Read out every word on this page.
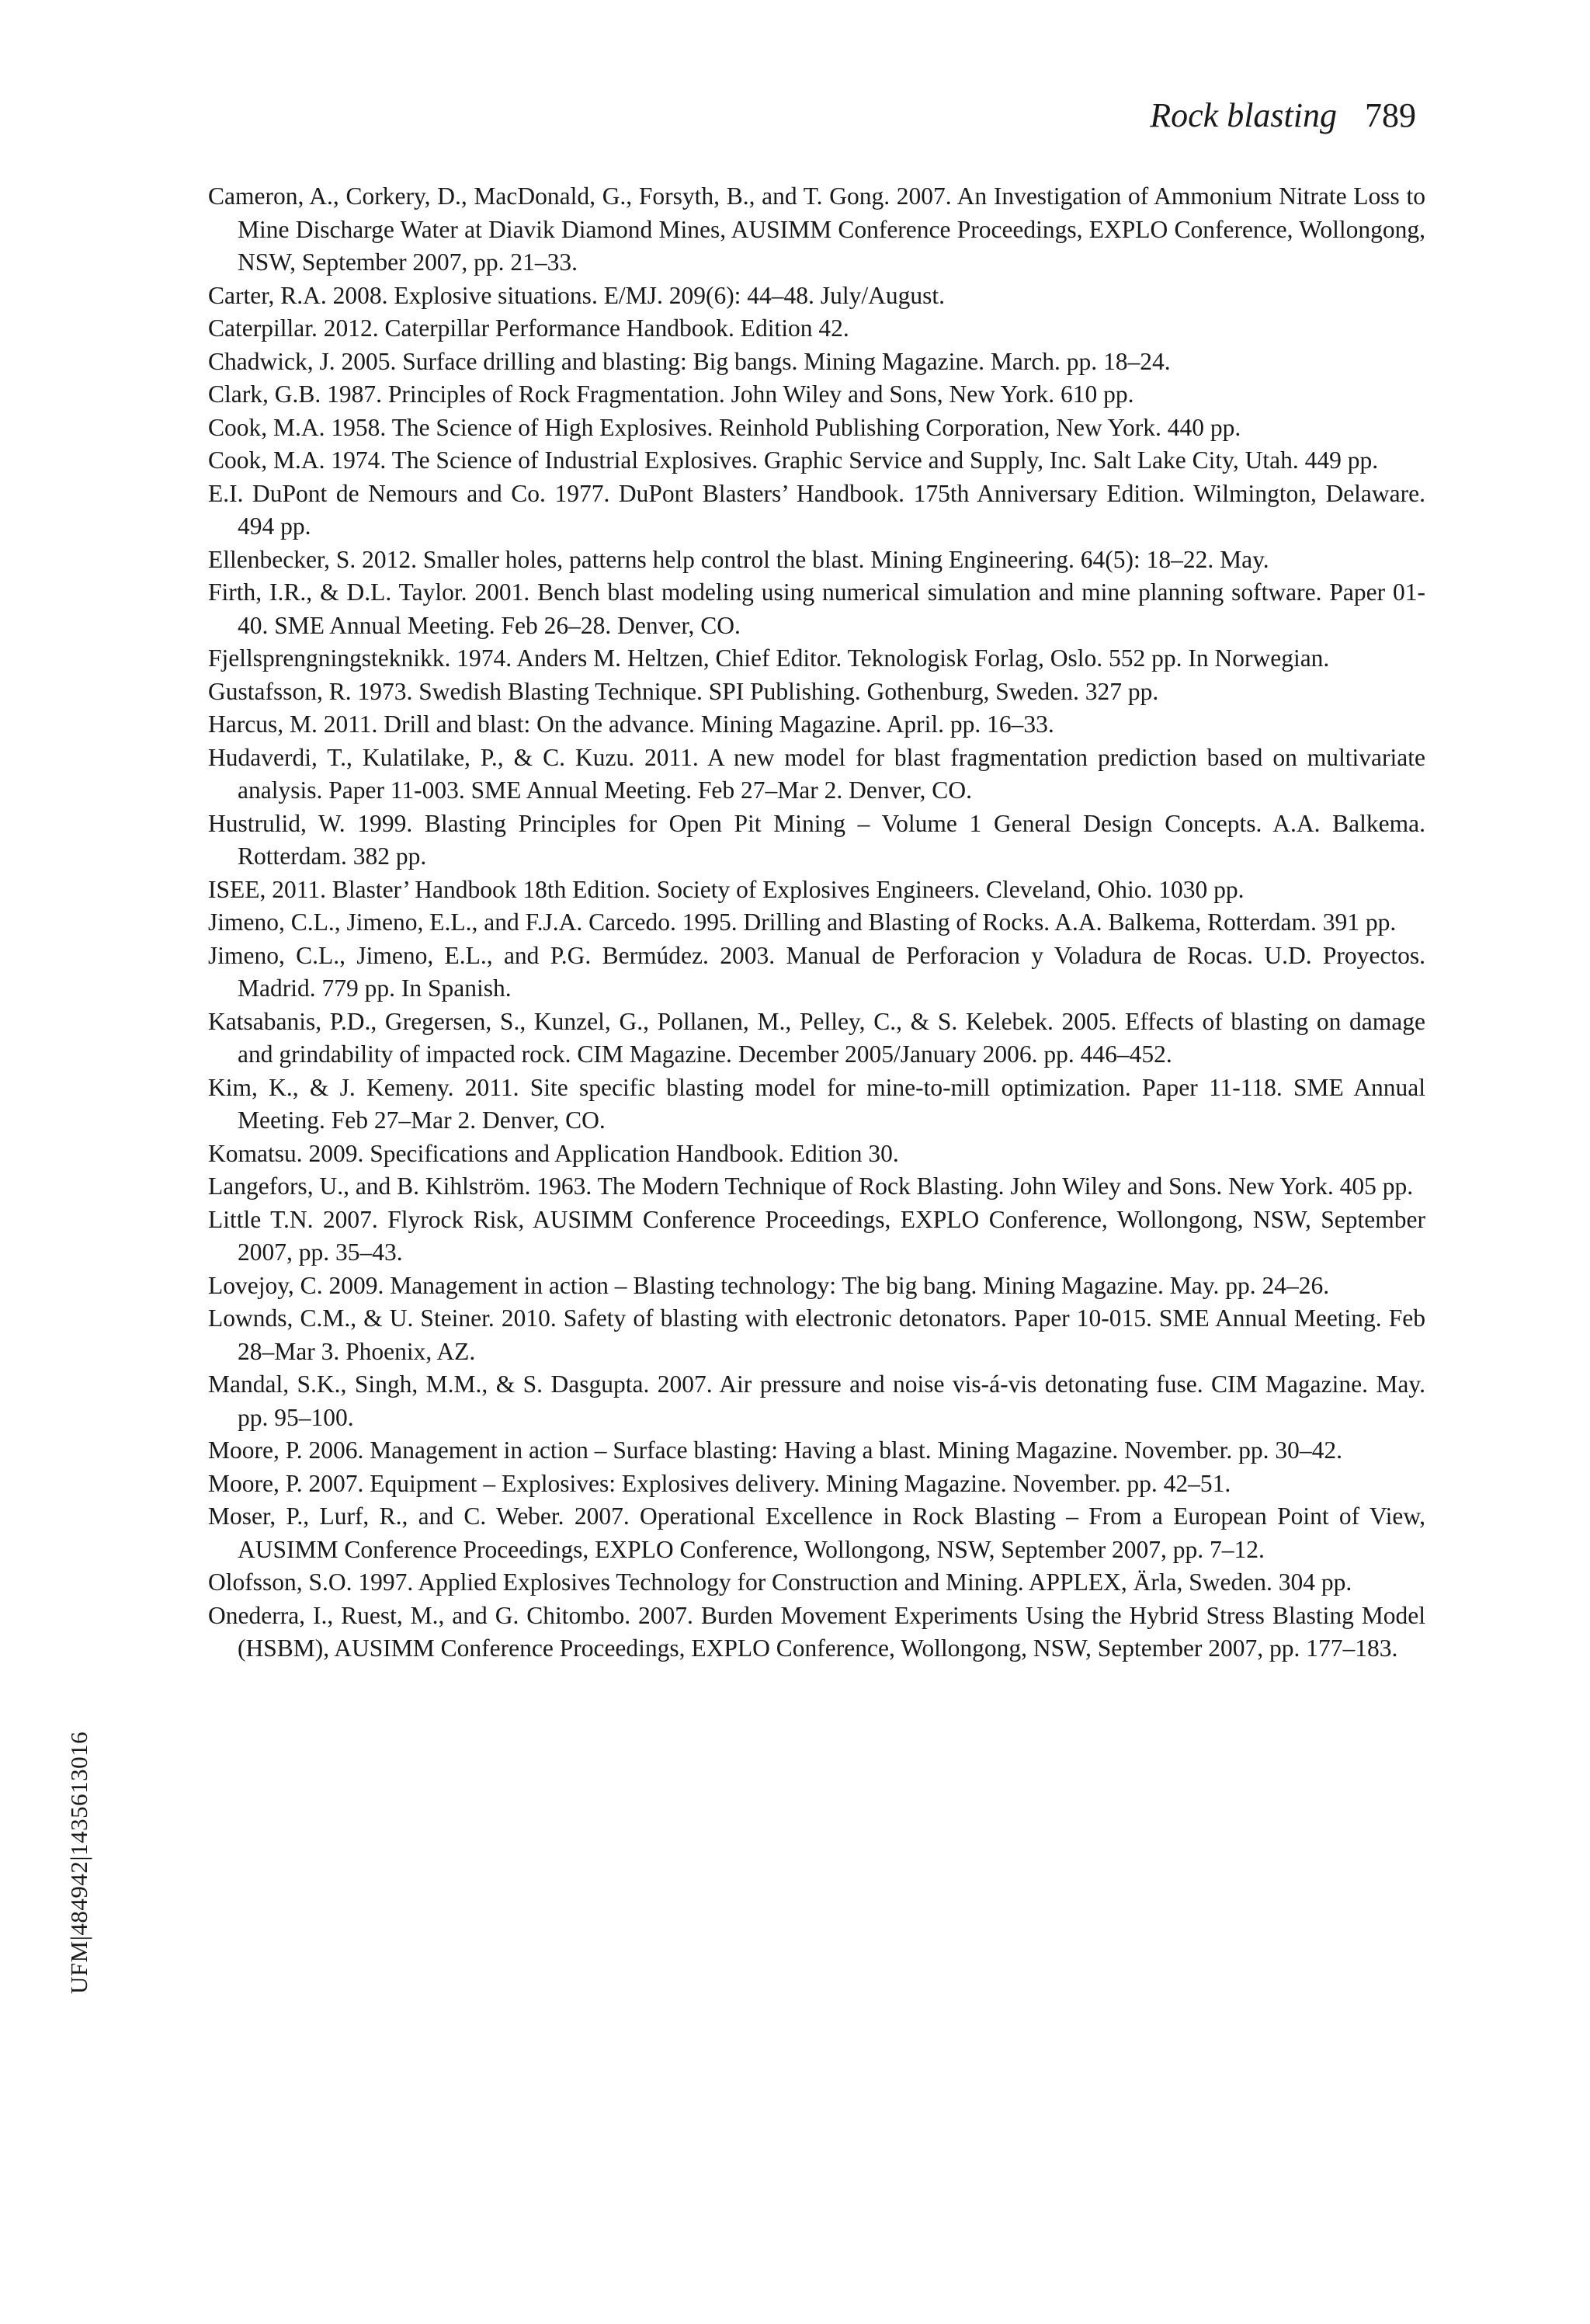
Rock blasting 789
Cameron, A., Corkery, D., MacDonald, G., Forsyth, B., and T. Gong. 2007. An Investigation of Ammonium Nitrate Loss to Mine Discharge Water at Diavik Diamond Mines, AUSIMM Conference Proceedings, EXPLO Conference, Wollongong, NSW, September 2007, pp. 21–33.
Carter, R.A. 2008. Explosive situations. E/MJ. 209(6): 44–48. July/August.
Caterpillar. 2012. Caterpillar Performance Handbook. Edition 42.
Chadwick, J. 2005. Surface drilling and blasting: Big bangs. Mining Magazine. March. pp. 18–24.
Clark, G.B. 1987. Principles of Rock Fragmentation. John Wiley and Sons, New York. 610 pp.
Cook, M.A. 1958. The Science of High Explosives. Reinhold Publishing Corporation, New York. 440 pp.
Cook, M.A. 1974. The Science of Industrial Explosives. Graphic Service and Supply, Inc. Salt Lake City, Utah. 449 pp.
E.I. DuPont de Nemours and Co. 1977. DuPont Blasters’ Handbook. 175th Anniversary Edition. Wilmington, Delaware. 494 pp.
Ellenbecker, S. 2012. Smaller holes, patterns help control the blast. Mining Engineering. 64(5): 18–22. May.
Firth, I.R., & D.L. Taylor. 2001. Bench blast modeling using numerical simulation and mine planning software. Paper 01-40. SME Annual Meeting. Feb 26–28. Denver, CO.
Fjellsprengningsteknikk. 1974. Anders M. Heltzen, Chief Editor. Teknologisk Forlag, Oslo. 552 pp. In Norwegian.
Gustafsson, R. 1973. Swedish Blasting Technique. SPI Publishing. Gothenburg, Sweden. 327 pp.
Harcus, M. 2011. Drill and blast: On the advance. Mining Magazine. April. pp. 16–33.
Hudaverdi, T., Kulatilake, P., & C. Kuzu. 2011. A new model for blast fragmentation prediction based on multivariate analysis. Paper 11-003. SME Annual Meeting. Feb 27–Mar 2. Denver, CO.
Hustrulid, W. 1999. Blasting Principles for Open Pit Mining – Volume 1 General Design Concepts. A.A. Balkema. Rotterdam. 382 pp.
ISEE, 2011. Blaster’ Handbook 18th Edition. Society of Explosives Engineers. Cleveland, Ohio. 1030 pp.
Jimeno, C.L., Jimeno, E.L., and F.J.A. Carcedo. 1995. Drilling and Blasting of Rocks. A.A. Balkema, Rotterdam. 391 pp.
Jimeno, C.L., Jimeno, E.L., and P.G. Bermúdez. 2003. Manual de Perforacion y Voladura de Rocas. U.D. Proyectos. Madrid. 779 pp. In Spanish.
Katsabanis, P.D., Gregersen, S., Kunzel, G., Pollanen, M., Pelley, C., & S. Kelebek. 2005. Effects of blasting on damage and grindability of impacted rock. CIM Magazine. December 2005/January 2006. pp. 446–452.
Kim, K., & J. Kemeny. 2011. Site specific blasting model for mine-to-mill optimization. Paper 11-118. SME Annual Meeting. Feb 27–Mar 2. Denver, CO.
Komatsu. 2009. Specifications and Application Handbook. Edition 30.
Langefors, U., and B. Kihlström. 1963. The Modern Technique of Rock Blasting. John Wiley and Sons. New York. 405 pp.
Little T.N. 2007. Flyrock Risk, AUSIMM Conference Proceedings, EXPLO Conference, Wollongong, NSW, September 2007, pp. 35–43.
Lovejoy, C. 2009. Management in action – Blasting technology: The big bang. Mining Magazine. May. pp. 24–26.
Lownds, C.M., & U. Steiner. 2010. Safety of blasting with electronic detonators. Paper 10-015. SME Annual Meeting. Feb 28–Mar 3. Phoenix, AZ.
Mandal, S.K., Singh, M.M., & S. Dasgupta. 2007. Air pressure and noise vis-á-vis detonating fuse. CIM Magazine. May. pp. 95–100.
Moore, P. 2006. Management in action – Surface blasting: Having a blast. Mining Magazine. November. pp. 30–42.
Moore, P. 2007. Equipment – Explosives: Explosives delivery. Mining Magazine. November. pp. 42–51.
Moser, P., Lurf, R., and C. Weber. 2007. Operational Excellence in Rock Blasting – From a European Point of View, AUSIMM Conference Proceedings, EXPLO Conference, Wollongong, NSW, September 2007, pp. 7–12.
Olofsson, S.O. 1997. Applied Explosives Technology for Construction and Mining. APPLEX, Ärla, Sweden. 304 pp.
Onederra, I., Ruest, M., and G. Chitombo. 2007. Burden Movement Experiments Using the Hybrid Stress Blasting Model (HSBM), AUSIMM Conference Proceedings, EXPLO Conference, Wollongong, NSW, September 2007, pp. 177–183.
UFM|484942|1435613016
